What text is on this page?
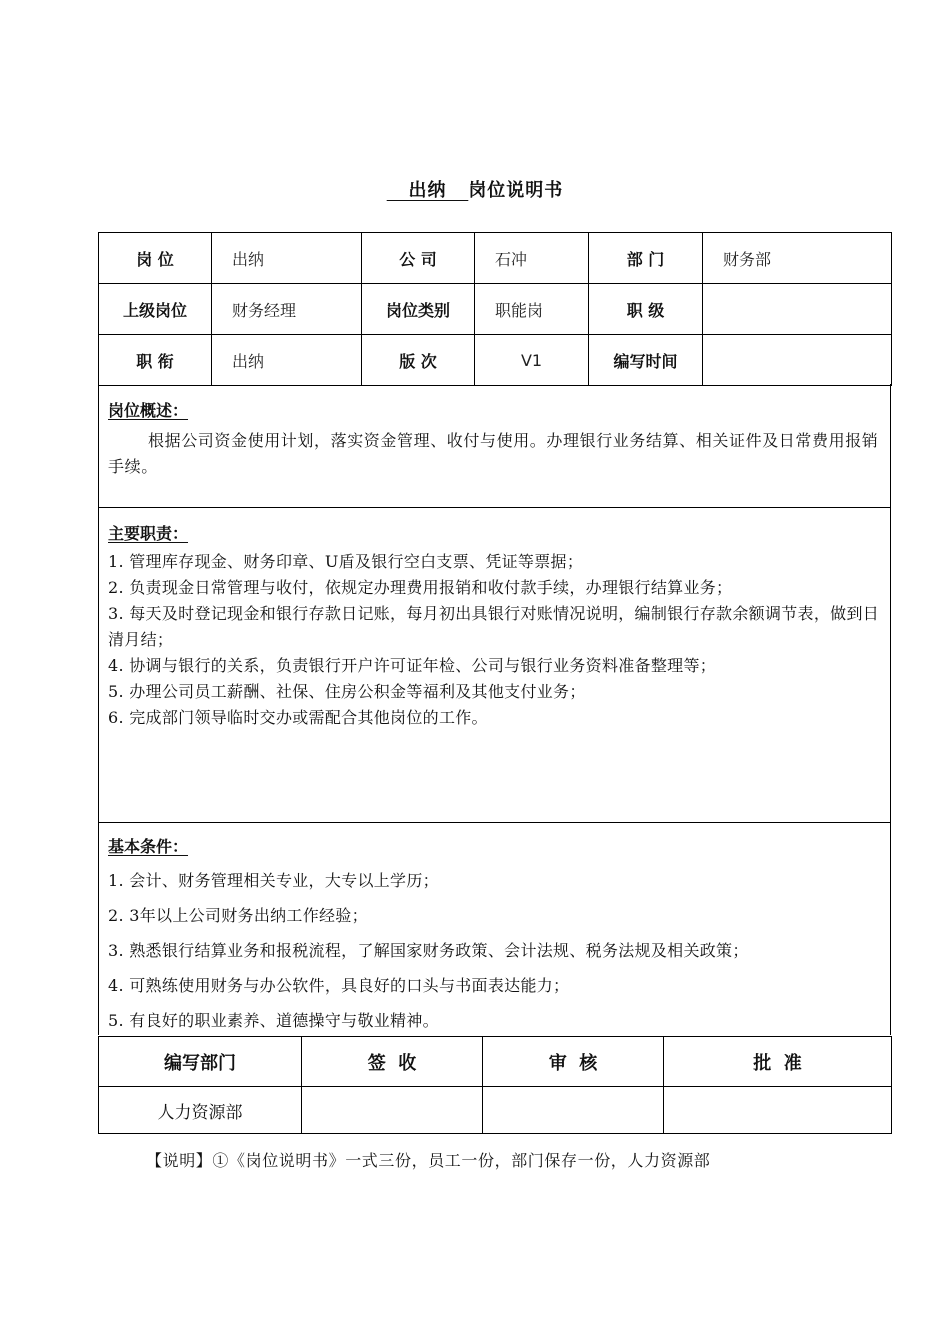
出纳 岗位说明书
岗 位	出纳	公 司	石冲	部 门	财务部
上级岗位	财务经理	岗位类别	职能岗	职 级	
职 衔	出纳	版 次	V1	编写时间	
岗位概述：

根据公司资金使用计划，落实资金管理、收付与使用。办理银行业务结算、相关证件及日常费用报销手续。

主要职责：

1. 管理库存现金、财务印章、U盾及银行空白支票、凭证等票据；

2. 负责现金日常管理与收付，依规定办理费用报销和收付款手续，办理银行结算业务；

3. 每天及时登记现金和银行存款日记账，每月初出具银行对账情况说明，编制银行存款余额调节表，做到日清月结；

4. 协调与银行的关系，负责银行开户许可证年检、公司与银行业务资料准备整理等；

5. 办理公司员工薪酬、社保、住房公积金等福利及其他支付业务；

6. 完成部门领导临时交办或需配合其他岗位的工作。

基本条件：

1. 会计、财务管理相关专业，大专以上学历；

2. 3年以上公司财务出纳工作经验；

3. 熟悉银行结算业务和报税流程，了解国家财务政策、会计法规、税务法规及相关政策；

4. 可熟练使用财务与办公软件，具良好的口头与书面表达能力；

5. 有良好的职业素养、道德操守与敬业精神。

编写部门	签  收	审  核	批  准
人力资源部			
【说明】①《岗位说明书》一式三份，员工一份，部门保存一份，人力资源部
